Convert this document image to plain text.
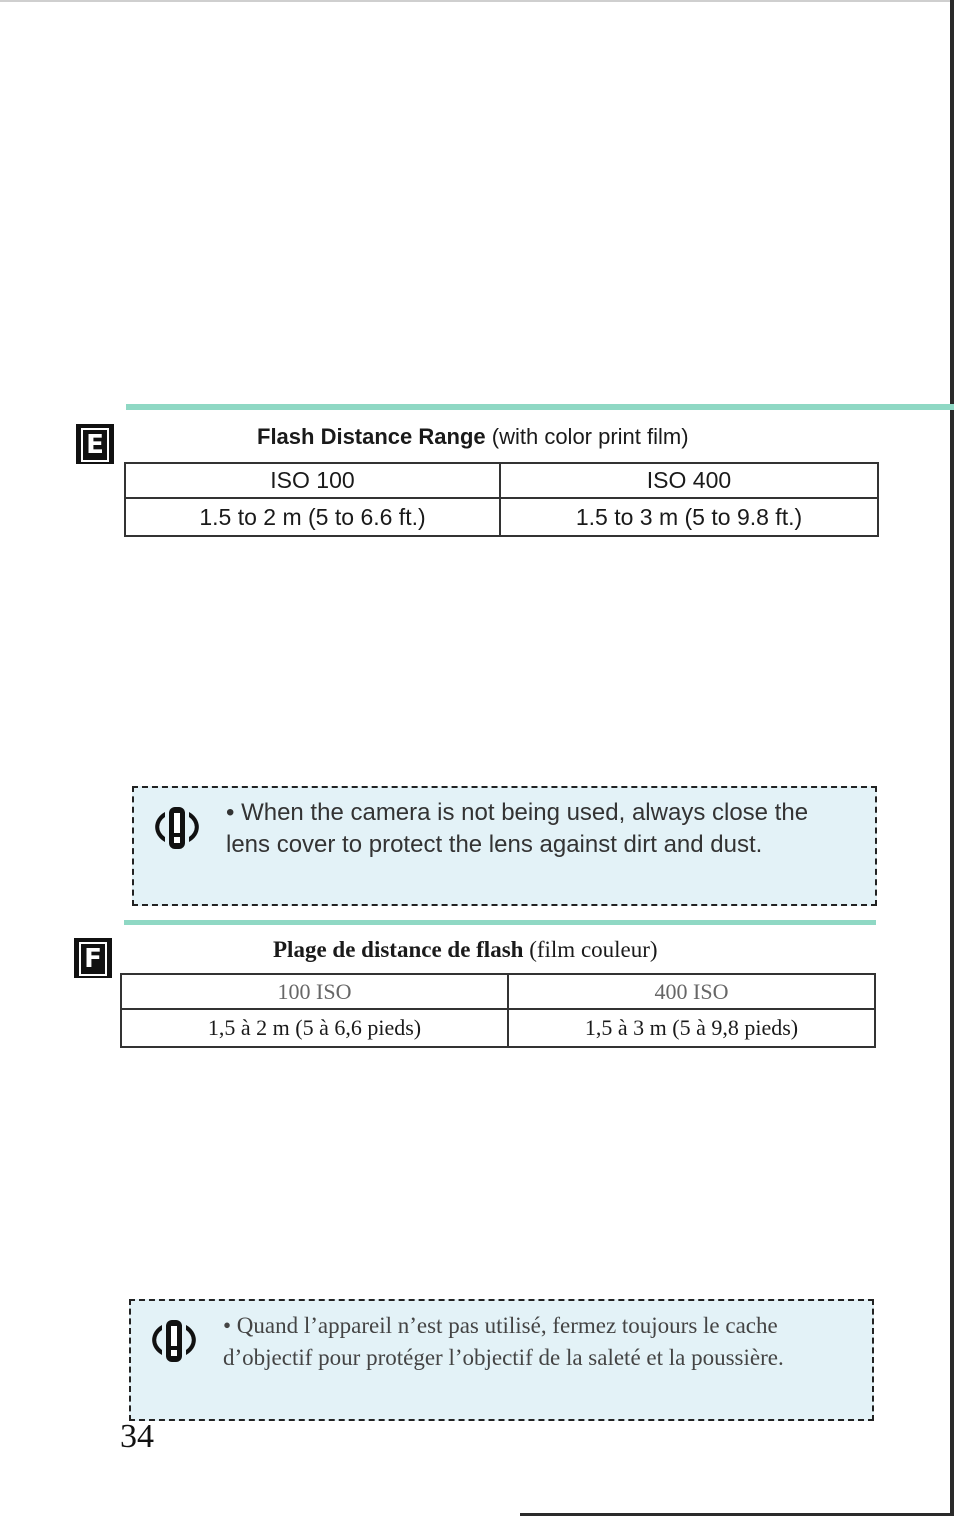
E	Flash Distance Range (with color print film)
ISO 100	ISO 400
1.5 to 2 m (5 to 6.6 ft.)	1.5 to 3 m (5 to 9.8 ft.)
• When the camera is not being used, always close the lens cover to protect the lens against dirt and dust.
F	Plage de distance de flash (film couleur)
100 ISO	400 ISO
1,5 à 2 m (5 à 6,6 pieds)	1,5 à 3 m (5 à 9,8 pieds)
• Quand l’appareil n’est pas utilisé, fermez toujours le cache d’objectif pour protéger l’objectif de la saleté et la poussière.
34
